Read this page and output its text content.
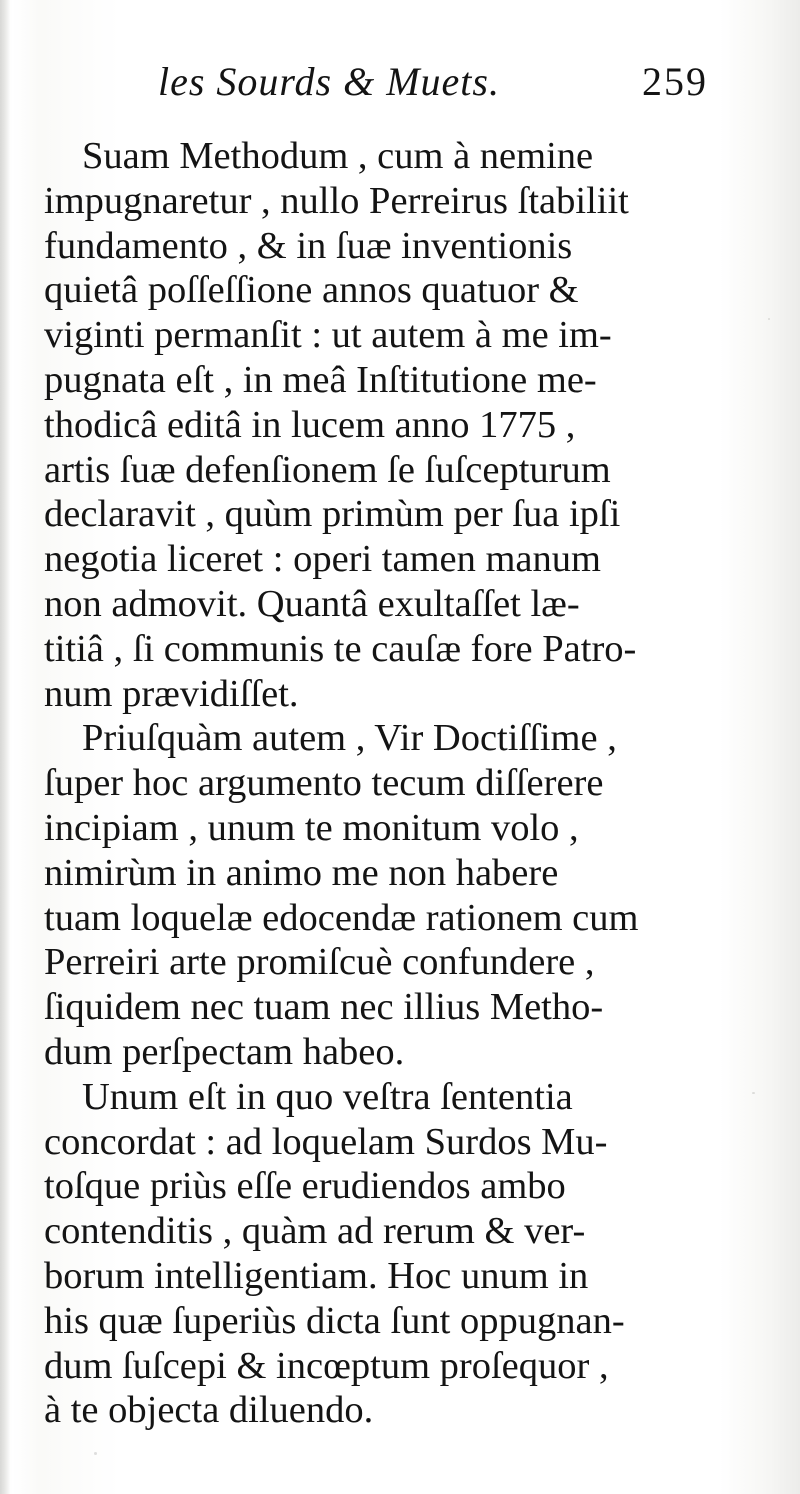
les Sourds & Muets.	259

Suam Methodum , cum à nemine
impugnaretur , nullo Perreirus ſtabiliit
fundamento , & in ſuæ inventionis
quietâ poſſeſſione annos quatuor &
viginti permanſit : ut autem à me im-
pugnata eſt , in meâ Inſtitutione me-
thodicâ editâ in lucem anno 1775 ,
artis ſuæ defenſionem ſe ſuſcepturum
declaravit , quùm primùm per ſua ipſi
negotia liceret : operi tamen manum
non admovit. Quantâ exultaſſet læ-
titiâ , ſi communis te cauſæ fore Patro-
num prævidiſſet.

Priuſquàm autem , Vir Doctiſſime ,
ſuper hoc argumento tecum diſſerere
incipiam , unum te monitum volo ,
nimirùm in animo me non habere
tuam loquelæ edocendæ rationem cum
Perreiri arte promiſcuè confundere ,
ſiquidem nec tuam nec illius Metho-
dum perſpectam habeo.

Unum eſt in quo veſtra ſententia
concordat : ad loquelam Surdos Mu-
toſque priùs eſſe erudiendos ambo
contenditis , quàm ad rerum & ver-
borum intelligentiam. Hoc unum in
his quæ ſuperiùs dicta ſunt oppugnan-
dum ſuſcepi & incœptum proſequor ,
à te objecta diluendo.
